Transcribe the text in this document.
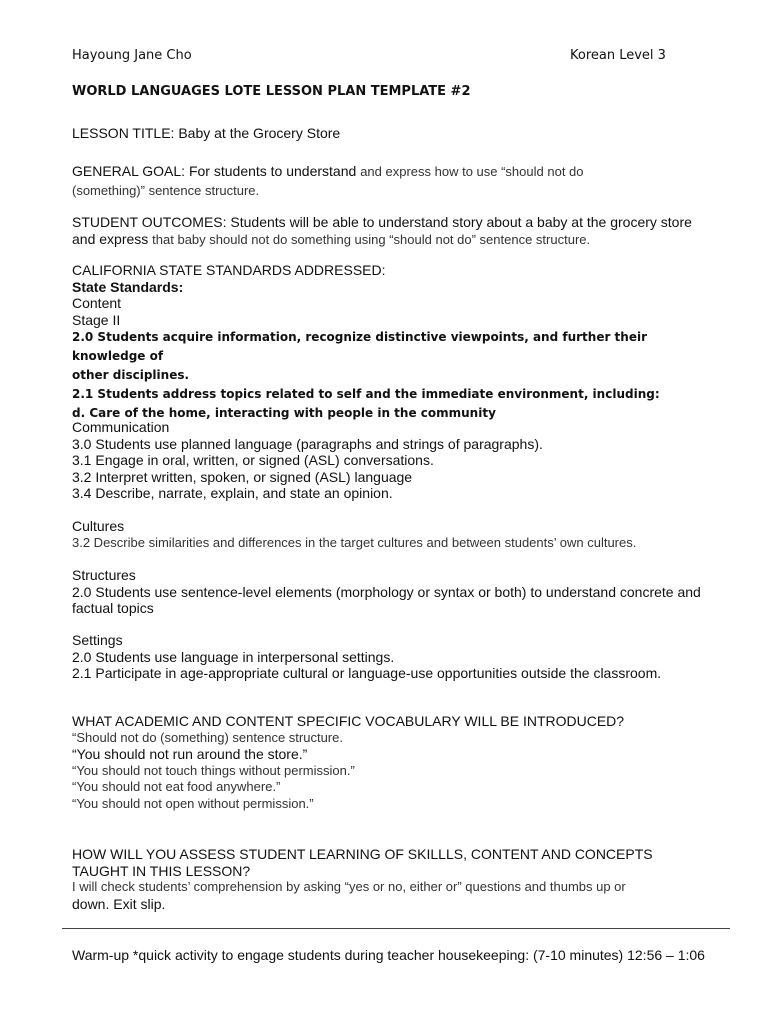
Hayoung Jane Cho	Korean Level 3
WORLD LANGUAGES LOTE LESSON PLAN TEMPLATE #2
LESSON TITLE: Baby at the Grocery Store

GENERAL GOAL: For students to understand and express how to use “should not do

(something)” sentence structure.

STUDENT OUTCOMES: Students will be able to understand story about a baby at the grocery store

and express that baby should not do something using “should not do” sentence structure.

CALIFORNIA STATE STANDARDS ADDRESSED:

State Standards:

Content

Stage II

2.0 Students acquire information, recognize distinctive viewpoints, and further their knowledge of

other disciplines.

2.1 Students address topics related to self and the immediate environment, including:

d. Care of the home, interacting with people in the community

Communication

3.0 Students use planned language (paragraphs and strings of paragraphs).

3.1 Engage in oral, written, or signed (ASL) conversations.

3.2 Interpret written, spoken, or signed (ASL) language

3.4 Describe, narrate, explain, and state an opinion.

Cultures

3.2 Describe similarities and differences in the target cultures and between students’ own cultures.

Structures

2.0 Students use sentence-level elements (morphology or syntax or both) to understand concrete and

factual topics

Settings

2.0 Students use language in interpersonal settings.

2.1 Participate in age-appropriate cultural or language-use opportunities outside the classroom.

WHAT ACADEMIC AND CONTENT SPECIFIC VOCABULARY WILL BE INTRODUCED?

“Should not do (something) sentence structure.

“You should not run around the store.”

“You should not touch things without permission.”

“You should not eat food anywhere.”

“You should not open without permission.”

HOW WILL YOU ASSESS STUDENT LEARNING OF SKILLLS, CONTENT AND CONCEPTS

TAUGHT IN THIS LESSON?

I will check students’ comprehension by asking “yes or no, either or” questions and thumbs up or

down. Exit slip.

Warm-up *quick activity to engage students during teacher housekeeping: (7-10 minutes) 12:56 – 1:06
